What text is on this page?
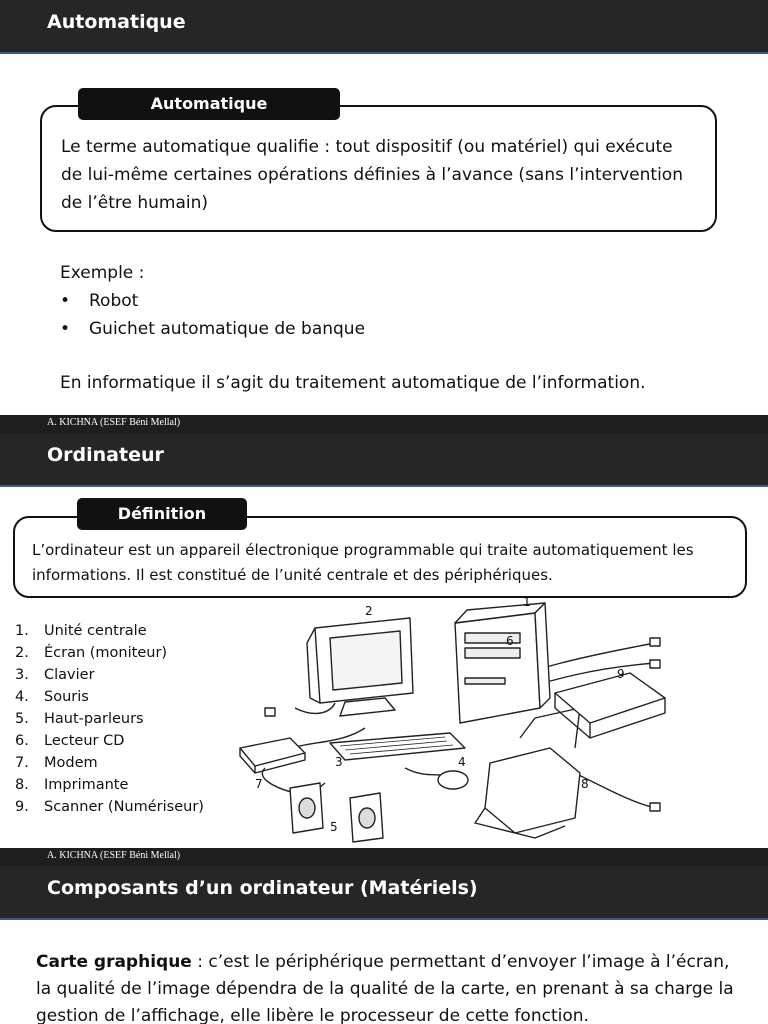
Automatique
Le terme automatique qualifie : tout dispositif (ou matériel) qui exécute de lui-même certaines opérations définies à l’avance (sans l’intervention de l’être humain)
Automatique
Exemple :
• Robot
• Guichet automatique de banque
En informatique il s’agit du traitement automatique de l’information.
A. KICHNA (ESEF Béni Mellal)
Ordinateur
L’ordinateur est un appareil électronique programmable qui traite automatiquement les informations. Il est constitué de l’unité centrale et des périphériques.
Définition
1. Unité centrale
2. Écran (moniteur)
3. Clavier
4. Souris
5. Haut-parleurs
6. Lecteur CD
7. Modem
8. Imprimante
9. Scanner (Numériseur)
1
2
3	4
5
6
7	8
9
A. KICHNA (ESEF Béni Mellal)
Composants d’un ordinateur (Matériels)
Carte graphique : c’est le périphérique permettant d’envoyer l’image à l’écran, la qualité de l’image dépendra de la qualité de la carte, en prenant à sa charge la gestion de l’affichage, elle libère le processeur de cette fonction.
